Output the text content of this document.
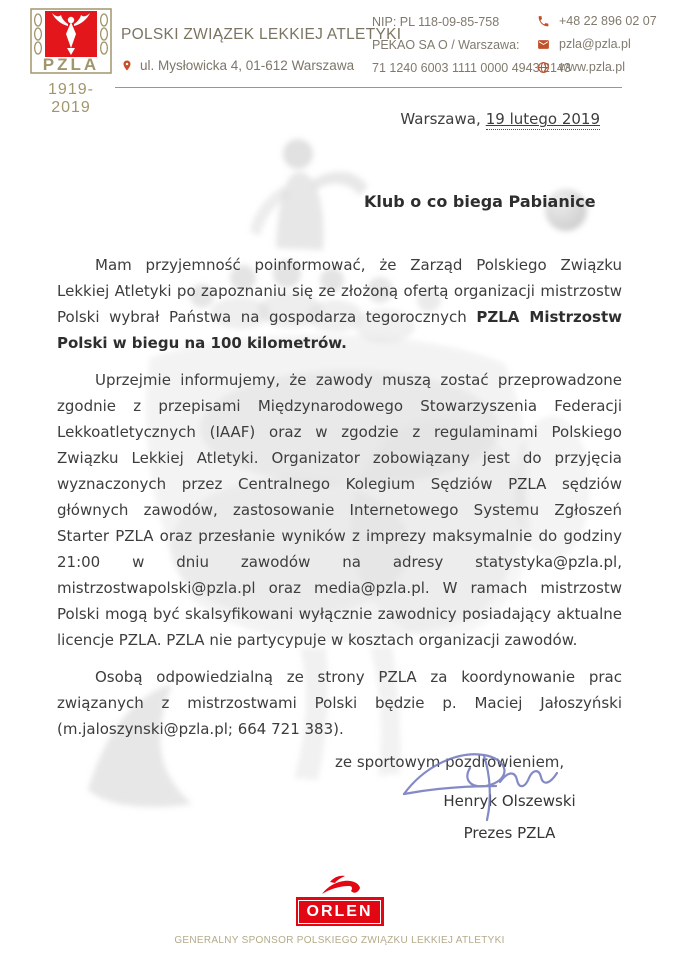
PZLA
1919-2019
POLSKI ZWIĄZEK LEKKIEJ ATLETYKI
ul. Mysłowicka 4, 01-612 Warszawa
NIP: PL 118-09-85-758
PEKAO SA O / Warszawa:
71 1240 6003 1111 0000 4943 2143
+48 22 896 02 07
pzla@pzla.pl
www.pzla.pl
Warszawa, 19 lutego 2019
Klub o co biega Pabianice

Mam przyjemność poinformować, że Zarząd Polskiego Związku Lekkiej Atletyki po zapoznaniu się ze złożoną ofertą organizacji mistrzostw Polski wybrał Państwa na gospodarza tegorocznych PZLA Mistrzostw Polski w biegu na 100 kilometrów.

Uprzejmie informujemy, że zawody muszą zostać przeprowadzone zgodnie z przepisami Międzynarodowego Stowarzyszenia Federacji Lekkoatletycznych (IAAF) oraz w zgodzie z regulaminami Polskiego Związku Lekkiej Atletyki. Organizator zobowiązany jest do przyjęcia wyznaczonych przez Centralnego Kolegium Sędziów PZLA sędziów głównych zawodów, zastosowanie Internetowego Systemu Zgłoszeń Starter PZLA oraz przesłanie wyników z imprezy maksymalnie do godziny 21:00 w dniu zawodów na adresy statystyka@pzla.pl, mistrzostwapolski@pzla.pl oraz media@pzla.pl. W ramach mistrzostw Polski mogą być skalsyfikowani wyłącznie zawodnicy posiadający aktualne licencje PZLA. PZLA nie partycypuje w kosztach organizacji zawodów.

Osobą odpowiedzialną ze strony PZLA za koordynowanie prac związanych z mistrzostwami Polski będzie p. Maciej Jałoszyński (m.jaloszynski@pzla.pl; 664 721 383).

ze sportowym pozdrowieniem,
Henryk Olszewski
Prezes PZLA
ORLEN
GENERALNY SPONSOR POLSKIEGO ZWIĄZKU LEKKIEJ ATLETYKI
